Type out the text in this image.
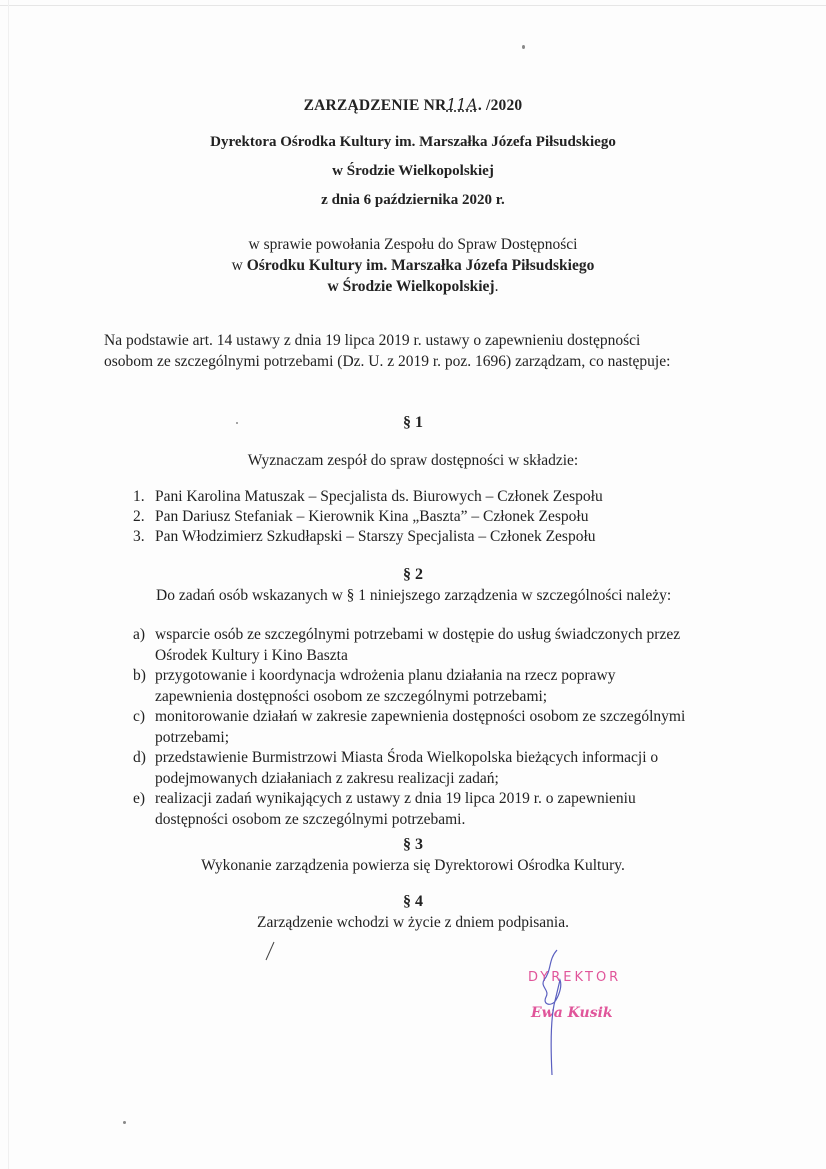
ZARZĄDZENIE NR11A. /2020
Dyrektora Ośrodka Kultury im. Marszałka Józefa Piłsudskiego
w Środzie Wielkopolskiej
z dnia 6 października 2020 r.
w sprawie powołania Zespołu do Spraw Dostępności
w Ośrodku Kultury im. Marszałka Józefa Piłsudskiego
w Środzie Wielkopolskiej.
Na podstawie art. 14 ustawy z dnia 19 lipca 2019 r. ustawy o zapewnieniu dostępności
osobom ze szczególnymi potrzebami (Dz. U. z 2019 r. poz. 1696) zarządzam, co następuje:
§ 1
Wyznaczam zespół do spraw dostępności w składzie:
1. Pani Karolina Matuszak – Specjalista ds. Biurowych – Członek Zespołu
2. Pan Dariusz Stefaniak – Kierownik Kina „Baszta” – Członek Zespołu
3. Pan Włodzimierz Szkudłapski – Starszy Specjalista – Członek Zespołu
§ 2
Do zadań osób wskazanych w § 1 niniejszego zarządzenia w szczególności należy:
a) wsparcie osób ze szczególnymi potrzebami w dostępie do usług świadczonych przez
Ośrodek Kultury i Kino Baszta
b) przygotowanie i koordynacja wdrożenia planu działania na rzecz poprawy
zapewnienia dostępności osobom ze szczególnymi potrzebami;
c) monitorowanie działań w zakresie zapewnienia dostępności osobom ze szczególnymi
potrzebami;
d) przedstawienie Burmistrzowi Miasta Środa Wielkopolska bieżących informacji o
podejmowanych działaniach z zakresu realizacji zadań;
e) realizacji zadań wynikających z ustawy z dnia 19 lipca 2019 r. o zapewnieniu
dostępności osobom ze szczególnymi potrzebami.
§ 3
Wykonanie zarządzenia powierza się Dyrektorowi Ośrodka Kultury.
§ 4
Zarządzenie wchodzi w życie z dniem podpisania.
DYREKTOR
Ewa Kusik
